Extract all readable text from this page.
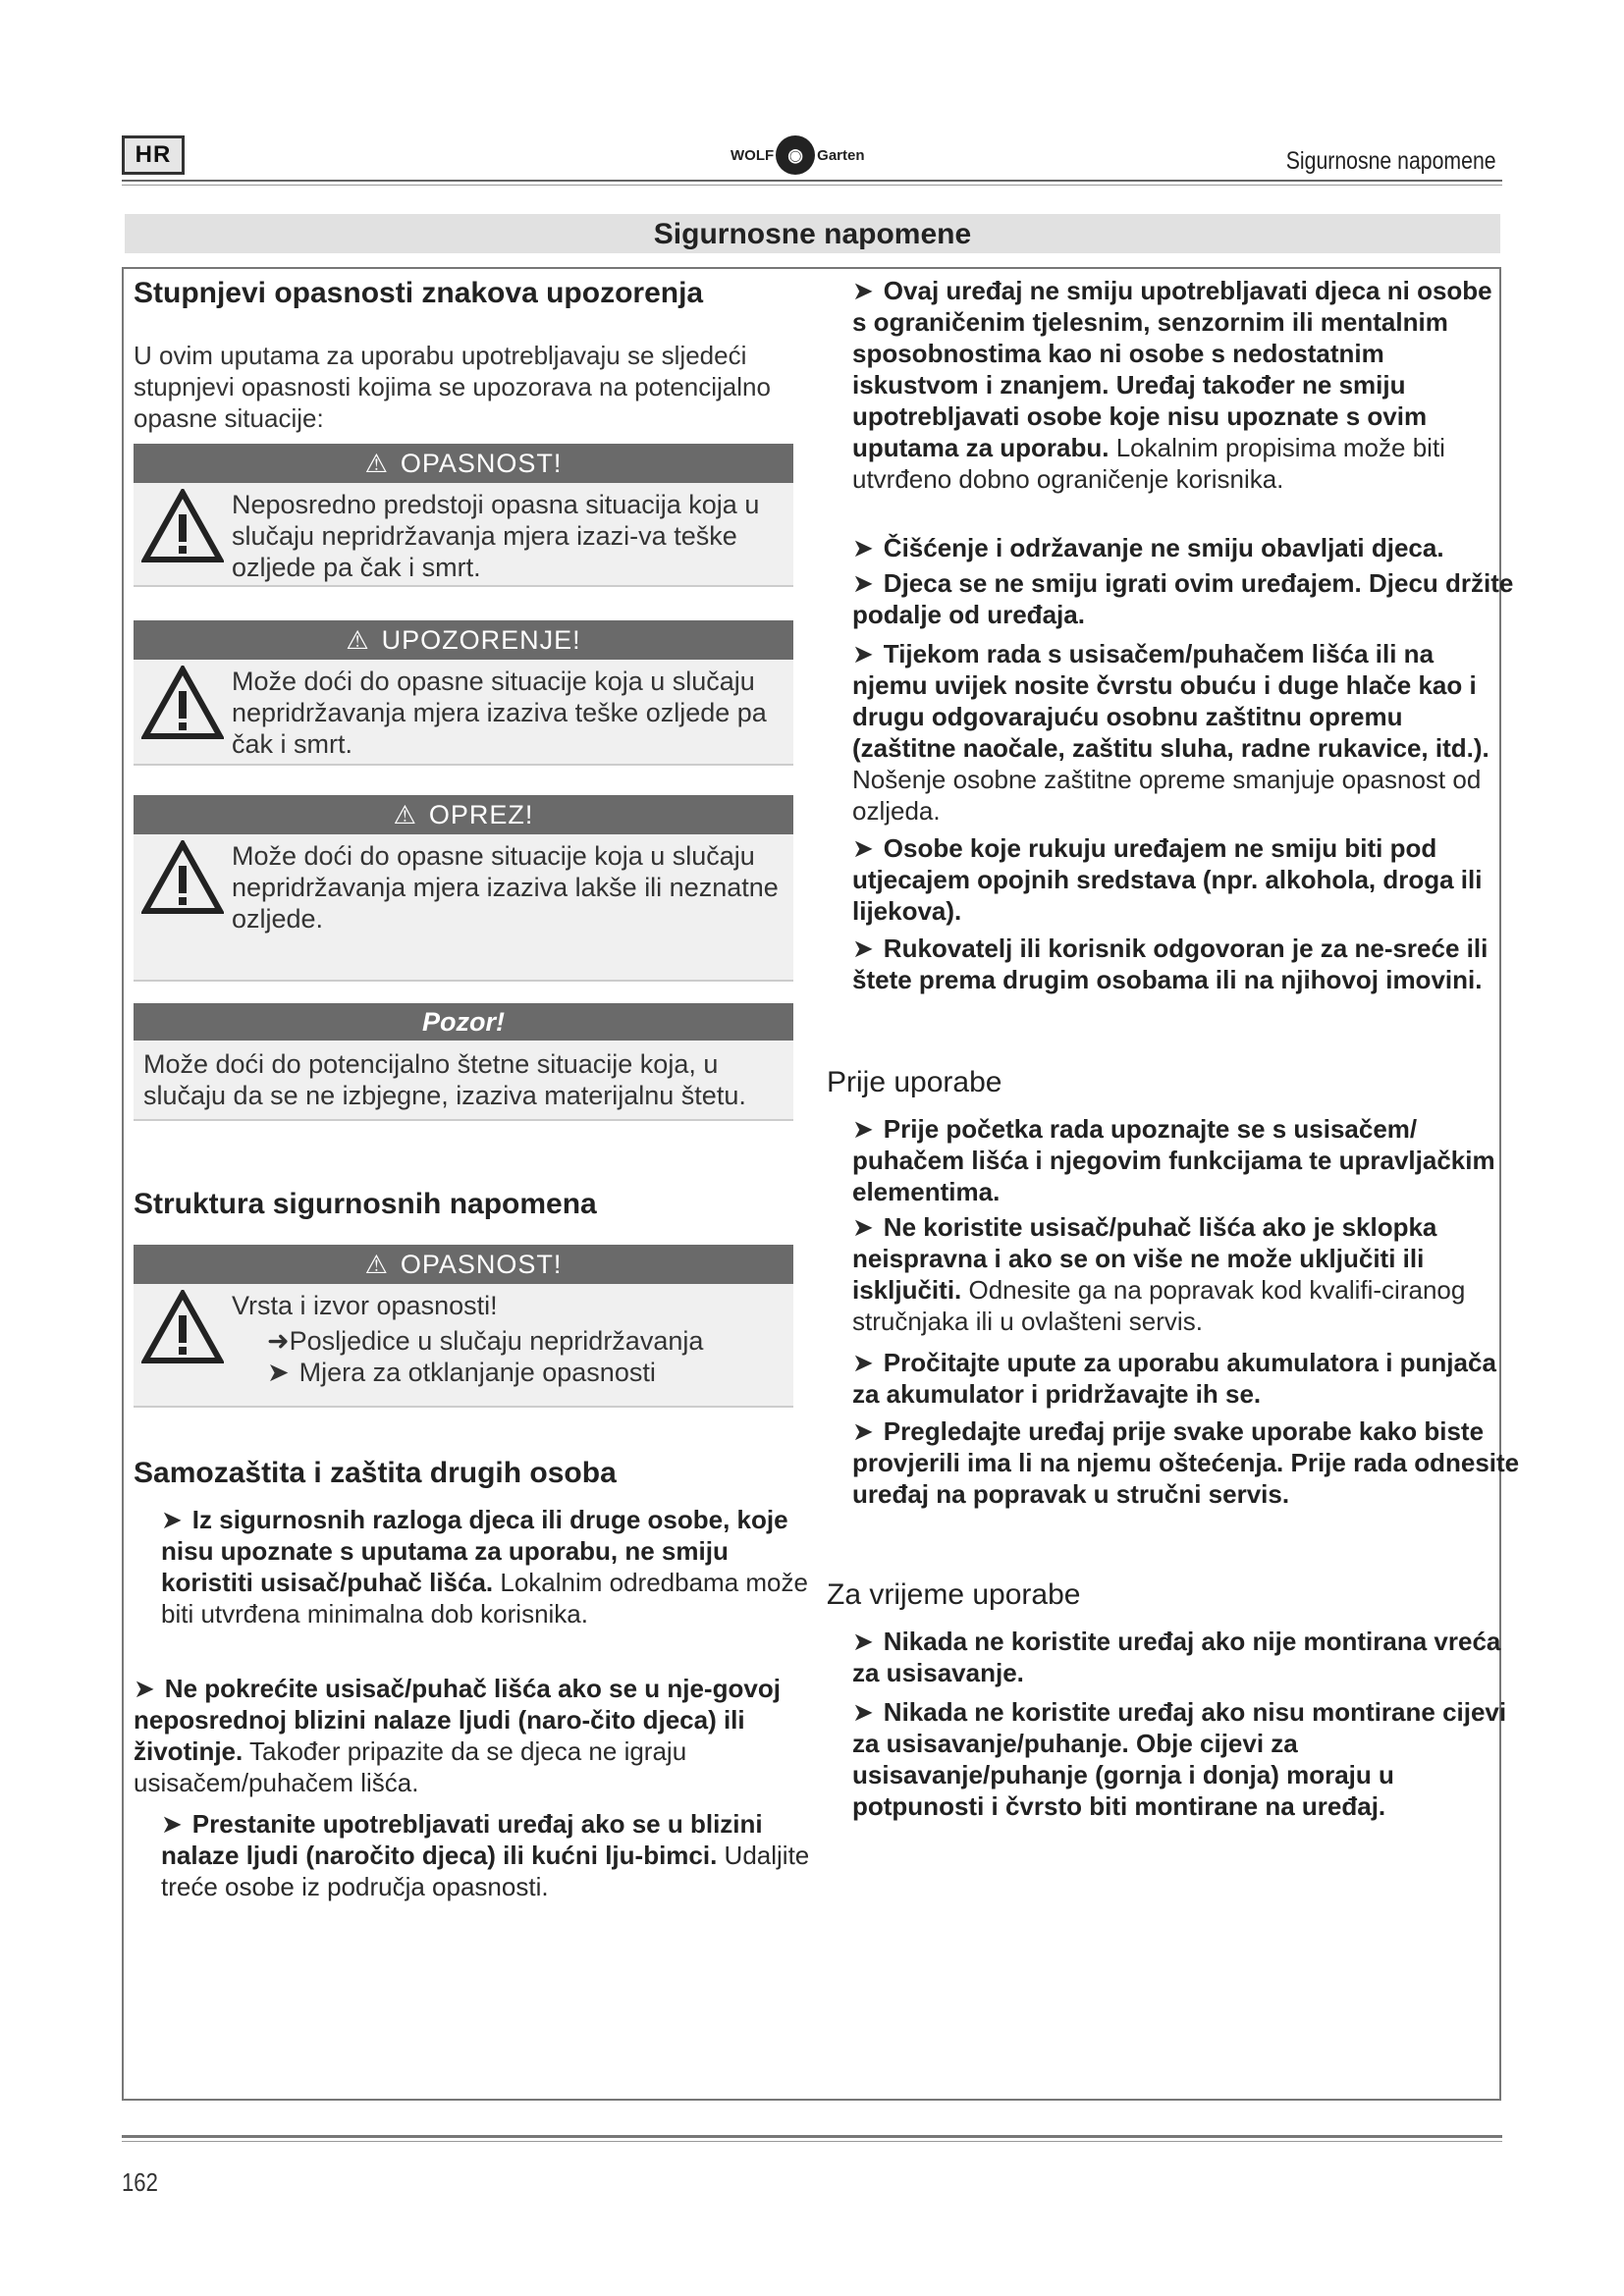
HR	WOLF ◉ Garten	Sigurnosne napomene
Sigurnosne napomene
Stupnjevi opasnosti znakova upozorenja

U ovim uputama za uporabu upotrebljavaju se sljedeći stupnjevi opasnosti kojima se upozorava na potencijalno opasne situacije:

⚠ OPASNOST!
Neposredno predstoji opasna situacija koja u slučaju nepridržavanja mjera izazi-va teške ozljede pa čak i smrt.
⚠ UPOZORENJE!
Može doći do opasne situacije koja u slučaju nepridržavanja mjera izaziva teške ozljede pa čak i smrt.
⚠ OPREZ!
Može doći do opasne situacije koja u slučaju nepridržavanja mjera izaziva lakše ili neznatne ozljede.
Pozor!
Može doći do potencijalno štetne situacije koja, u slučaju da se ne izbjegne, izaziva materijalnu štetu.
Struktura sigurnosnih napomena
⚠ OPASNOST!
Vrsta i izvor opasnosti!
➜Posljedice u slučaju nepridržavanja
➤ Mjera za otklanjanje opasnosti
Samozaštita i zaštita drugih osoba

➤ Iz sigurnosnih razloga djeca ili druge osobe, koje nisu upoznate s uputama za uporabu, ne smiju koristiti usisač/puhač lišća. Lokalnim odredbama može biti utvrđena minimalna dob korisnika.

➤ Ne pokrećite usisač/puhač lišća ako se u nje-govoj neposrednoj blizini nalaze ljudi (naro-čito djeca) ili životinje. Također pripazite da se djeca ne igraju usisačem/puhačem lišća.

➤ Prestanite upotrebljavati uređaj ako se u blizini nalaze ljudi (naročito djeca) ili kućni lju-bimci. Udaljite treće osobe iz područja opasnosti.

➤ Ovaj uređaj ne smiju upotrebljavati djeca ni osobe s ograničenim tjelesnim, senzornim ili mentalnim sposobnostima kao ni osobe s nedostatnim iskustvom i znanjem. Uređaj također ne smiju upotrebljavati osobe koje nisu upoznate s ovim uputama za uporabu. Lokalnim propisima može biti utvrđeno dobno ograničenje korisnika.

➤ Čišćenje i održavanje ne smiju obavljati djeca.

➤ Djeca se ne smiju igrati ovim uređajem. Djecu držite podalje od uređaja.

➤ Tijekom rada s usisačem/puhačem lišća ili na njemu uvijek nosite čvrstu obuću i duge hlače kao i drugu odgovarajuću osobnu zaštitnu opremu (zaštitne naočale, zaštitu sluha, radne rukavice, itd.). Nošenje osobne zaštitne opreme smanjuje opasnost od ozljeda.

➤ Osobe koje rukuju uređajem ne smiju biti pod utjecajem opojnih sredstava (npr. alkohola, droga ili lijekova).

➤ Rukovatelj ili korisnik odgovoran je za ne-sreće ili štete prema drugim osobama ili na njihovoj imovini.

Prije uporabe

➤ Prije početka rada upoznajte se s usisačem/ puhačem lišća i njegovim funkcijama te upravljačkim elementima.

➤ Ne koristite usisač/puhač lišća ako je sklopka neispravna i ako se on više ne može uključiti ili isključiti. Odnesite ga na popravak kod kvalifi-ciranog stručnjaka ili u ovlašteni servis.

➤ Pročitajte upute za uporabu akumulatora i punjača za akumulator i pridržavajte ih se.

➤ Pregledajte uređaj prije svake uporabe kako biste provjerili ima li na njemu oštećenja. Prije rada odnesite uređaj na popravak u stručni servis.

Za vrijeme uporabe

➤ Nikada ne koristite uređaj ako nije montirana vreća za usisavanje.

➤ Nikada ne koristite uređaj ako nisu montirane cijevi za usisavanje/puhanje. Obje cijevi za usisavanje/puhanje (gornja i donja) moraju u potpunosti i čvrsto biti montirane na uređaj.

162
